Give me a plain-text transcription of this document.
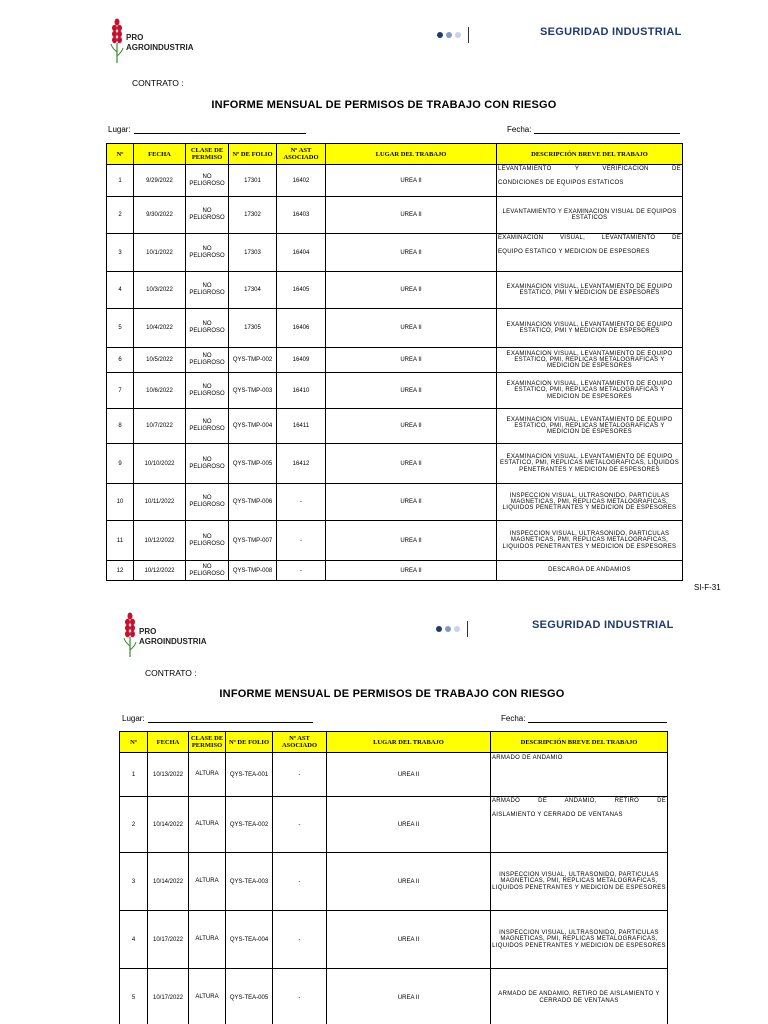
PRO
AGROINDUSTRIA
SEGURIDAD INDUSTRIAL
CONTRATO :
INFORME MENSUAL DE PERMISOS DE TRABAJO CON RIESGO
Lugar:	Fecha:
Nº	FECHA	CLASE DE PERMISO	Nº DE FOLIO	Nº AST ASOCIADO	LUGAR DEL TRABAJO	DESCRIPCIÓN BREVE DEL TRABAJO
1	9/29/2022	NO PELIGROSO	17301	16402	UREA II	LEVANTAMIENTO Y VERIFICACION DE
CONDICIONES DE EQUIPOS ESTATICOS

2	9/30/2022	NO PELIGROSO	17302	16403	UREA II	LEVANTAMIENTO Y EXAMINACION VISUAL DE EQUIPOS ESTATICOS
3	10/1/2022	NO PELIGROSO	17303	16404	UREA II	EXAMINACION VISUAL, LEVANTAMIENTO DE
EQUIPO ESTATICO Y MEDICION DE ESPESORES

4	10/3/2022	NO PELIGROSO	17304	16405	UREA II	EXAMINACION VISUAL, LEVANTAMIENTO DE EQUIPO ESTATICO, PMI Y MEDICION DE ESPESORES
5	10/4/2022	NO PELIGROSO	17305	16406	UREA II	EXAMINACION VISUAL, LEVANTAMIENTO DE EQUIPO ESTATICO, PMI Y MEDICION DE ESPESORES
6	10/5/2022	NO PELIGROSO	QYS-TMP-002	16409	UREA II	EXAMINACION VISUAL, LEVANTAMIENTO DE EQUIPO ESTATICO, PMI, REPLICAS METALOGRAFICAS Y MEDICION DE ESPESORES
7	10/6/2022	NO PELIGROSO	QYS-TMP-003	16410	UREA II	EXAMINACION VISUAL, LEVANTAMIENTO DE EQUIPO ESTATICO, PMI, REPLICAS METALOGRAFICAS Y MEDICION DE ESPESORES
8	10/7/2022	NO PELIGROSO	QYS-TMP-004	16411	UREA II	EXAMINACION VISUAL, LEVANTAMIENTO DE EQUIPO ESTATICO, PMI, REPLICAS METALOGRAFICAS Y MEDICION DE ESPESORES
9	10/10/2022	NO PELIGROSO	QYS-TMP-005	16412	UREA II	EXAMINACION VISUAL, LEVANTAMIENTO DE EQUIPO ESTATICO, PMI, REPLICAS METALOGRAFICAS, LIQUIDOS PENETRANTES Y MEDICION DE ESPESORES
10	10/11/2022	NO PELIGROSO	QYS-TMP-006	-	UREA II	INSPECCION VISUAL, ULTRASONIDO, PARTICULAS MAGNETICAS, PMI, REPLICAS METALOGRAFICAS, LIQUIDOS PENETRANTES Y MEDICION DE ESPESORES
11	10/12/2022	NO PELIGROSO	QYS-TMP-007	-	UREA II	INSPECCION VISUAL, ULTRASONIDO, PARTICULAS MAGNETICAS, PMI, REPLICAS METALOGRAFICAS, LIQUIDOS PENETRANTES Y MEDICION DE ESPESORES
12	10/12/2022	NO PELIGROSO	QYS-TMP-008	-	UREA II	DESCARGA DE ANDAMIOS
SI-F-31
PRO
AGROINDUSTRIA
SEGURIDAD INDUSTRIAL
CONTRATO :
INFORME MENSUAL DE PERMISOS DE TRABAJO CON RIESGO
Lugar:	Fecha:
Nº	FECHA	CLASE DE PERMISO	Nº DE FOLIO	Nº AST ASOCIADO	LUGAR DEL TRABAJO	DESCRIPCIÓN BREVE DEL TRABAJO
1	10/13/2022	ALTURA	QYS-TEA-001	-	UREA II	ARMADO DE ANDAMIO
2	10/14/2022	ALTURA	QYS-TEA-002	-	UREA II	ARMADO DE ANDAMIO, RETIRO DE
AISLAMIENTO Y CERRADO DE VENTANAS

3	10/14/2022	ALTURA	QYS-TEA-003	-	UREA II	INSPECCION VISUAL, ULTRASONIDO, PARTICULAS MAGNETICAS, PMI, REPLICAS METALOGRAFICAS, LIQUIDOS PENETRANTES Y MEDICION DE ESPESORES
4	10/17/2022	ALTURA	QYS-TEA-004	-	UREA II	INSPECCION VISUAL, ULTRASONIDO, PARTICULAS MAGNETICAS, PMI, REPLICAS METALOGRAFICAS, LIQUIDOS PENETRANTES Y MEDICION DE ESPESORES
5	10/17/2022	ALTURA	QYS-TEA-005	-	UREA II	ARMADO DE ANDAMIO, RETIRO DE AISLAMIENTO Y CERRADO DE VENTANAS
